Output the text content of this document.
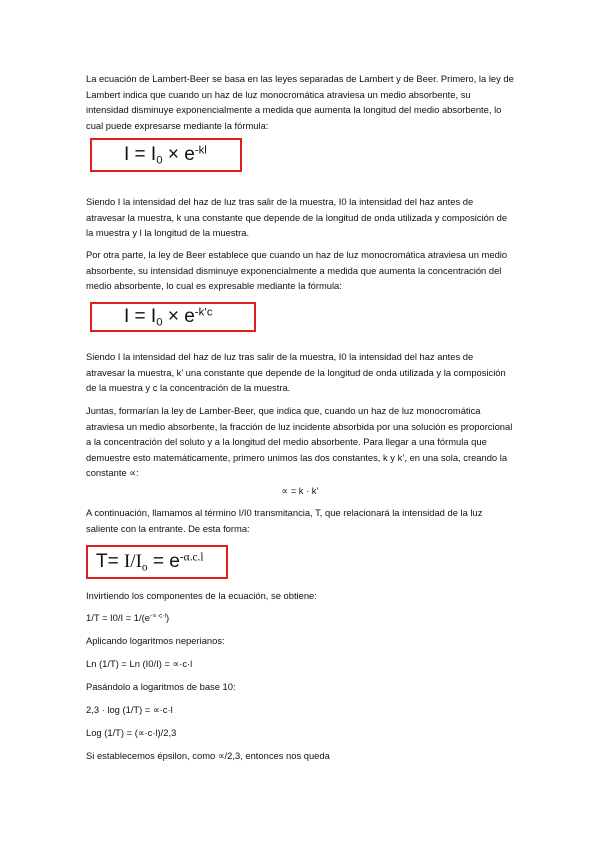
La ecuación de Lambert-Beer se basa en las leyes separadas de Lambert y de Beer. Primero, la ley de Lambert indica que cuando un haz de luz monocromática atraviesa un medio absorbente, su intensidad disminuye exponencialmente a medida que aumenta la longitud del medio absorbente, lo cual puede expresarse mediante la fórmula:

$I = I_0 \times e^{-kl}$

Siendo I la intensidad del haz de luz tras salir de la muestra, I0 la intensidad del haz antes de atravesar la muestra, k una constante que depende de la longitud de onda utilizada y composición de la muestra y l la longitud de la muestra.

Por otra parte, la ley de Beer establece que cuando un haz de luz monocromática atraviesa un medio absorbente, su intensidad disminuye exponencialmente a medida que aumenta la concentración del medio absorbente, lo cual es expresable mediante la fórmula:

$I = I_0 \times e^{-k’c}$

Siendo I la intensidad del haz de luz tras salir de la muestra, I0 la intensidad del haz antes de atravesar la muestra, k’ una constante que depende de la longitud de onda utilizada y la composición de la muestra y c la concentración de la muestra.

Juntas, formarían la ley de Lamber-Beer, que indica que, cuando un haz de luz monocromática atraviesa un medio absorbente, la fracción de luz incidente absorbida por una solución es proporcional a la concentración del soluto y a la longitud del medio absorbente. Para llegar a una fórmula que demuestre esto matemáticamente, primero unimos las dos constantes, k y k’, en una sola, creando la constante ∝:

∝ = k · k’

A continuación, llamamos al término I/I0 transmitancia, T, que relacionará la intensidad de la luz saliente con la entrante. De esta forma:

$T= I/I_o = e^{-\alpha.c.l}$

Invirtiendo los componentes de la ecuación, se obtiene:

$1/T = I0/I = 1/(e^{-\propto\cdot c\cdot l})$

Aplicando logaritmos neperianos:

Ln (1/T) = Ln (I0/I) = ∝·c·l

Pasándolo a logaritmos de base 10:

2,3 · log (1/T) = ∝·c·l

Log (1/T) = (∝·c·l)/2,3

Si establecemos épsilon, como ∝/2,3, entonces nos queda
